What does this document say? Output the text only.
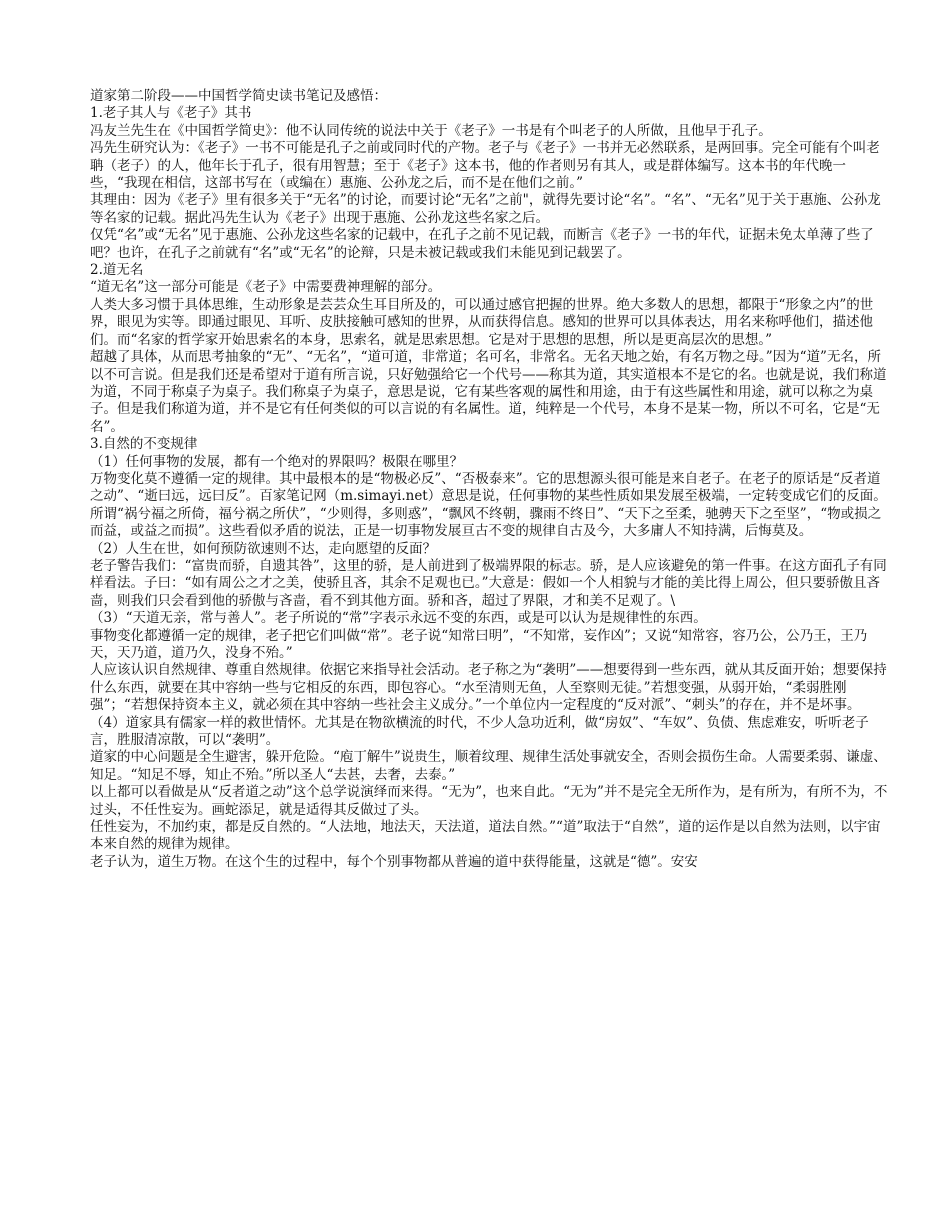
道家第二阶段——中国哲学简史读书笔记及感悟：

1.老子其人与《老子》其书

冯友兰先生在《中国哲学简史》：他不认同传统的说法中关于《老子》一书是有个叫老子的人所做，且他早于孔子。

冯先生研究认为：《老子》一书不可能是孔子之前或同时代的产物。老子与《老子》一书并无必然联系，是两回事。完全可能有个叫老聃（老子）的人，他年长于孔子，很有用智慧；至于《老子》这本书，他的作者则另有其人，或是群体编写。这本书的年代晚一些，“我现在相信，这部书写在（或编在）惠施、公孙龙之后，而不是在他们之前。”

其理由：因为《老子》里有很多关于“无名”的讨论，而要讨论“无名”之前"，就得先要讨论“名”。“名”、“无名”见于关于惠施、公孙龙等名家的记载。据此冯先生认为《老子》出现于惠施、公孙龙这些名家之后。

仅凭“名”或“无名”见于惠施、公孙龙这些名家的记载中，在孔子之前不见记载，而断言《老子》一书的年代，证据未免太单薄了些了吧？也许，在孔子之前就有“名”或“无名”的论辩，只是未被记载或我们未能见到记载罢了。

2.道无名

“道无名”这一部分可能是《老子》中需要费神理解的部分。

人类大多习惯于具体思维，生动形象是芸芸众生耳目所及的，可以通过感官把握的世界。绝大多数人的思想，都限于“形象之内”的世界，眼见为实等。即通过眼见、耳听、皮肤接触可感知的世界，从而获得信息。感知的世界可以具体表达，用名来称呼他们，描述他们。而“名家的哲学家开始思索名的本身，思索名，就是思索思想。它是对于思想的思想，所以是更高层次的思想。”

超越了具体，从而思考抽象的“无”、“无名”，“道可道，非常道；名可名，非常名。无名天地之始，有名万物之母。”因为“道”无名，所以不可言说。但是我们还是希望对于道有所言说，只好勉强给它一个代号——称其为道，其实道根本不是它的名。也就是说，我们称道为道，不同于称桌子为桌子。我们称桌子为桌子，意思是说，它有某些客观的属性和用途，由于有这些属性和用途，就可以称之为桌子。但是我们称道为道，并不是它有任何类似的可以言说的有名属性。道，纯粹是一个代号，本身不是某一物，所以不可名，它是“无名”。

3.自然的不变规律

（1）任何事物的发展，都有一个绝对的界限吗？极限在哪里？

万物变化莫不遵循一定的规律。其中最根本的是“物极必反”、“否极泰来”。它的思想源头很可能是来自老子。在老子的原话是“反者道之动”、“逝曰远，远曰反”。百家笔记网（m.simayi.net）意思是说，任何事物的某些性质如果发展至极端，一定转变成它们的反面。所谓“祸兮福之所倚，福兮祸之所伏”，“少则得，多则惑”，“飘风不终朝，骤雨不终日”、“天下之至柔，驰骋天下之至坚”，“物或损之而益，或益之而损”。这些看似矛盾的说法，正是一切事物发展亘古不变的规律自古及今，大多庸人不知持满，后悔莫及。

（2）人生在世，如何预防欲速则不达，走向愿望的反面？

老子警告我们：“富贵而骄，自遗其咎”，这里的骄，是人前进到了极端界限的标志。骄，是人应该避免的第一件事。在这方面孔子有同样看法。子曰：“如有周公之才之美，使骄且吝，其余不足观也已。”大意是：假如一个人相貌与才能的美比得上周公，但只要骄傲且吝啬，则我们只会看到他的骄傲与吝啬，看不到其他方面。骄和吝，超过了界限，才和美不足观了。\

（3）“天道无亲，常与善人”。老子所说的“常”字表示永远不变的东西，或是可以认为是规律性的东西。

事物变化都遵循一定的规律，老子把它们叫做“常”。老子说“知常曰明”，“不知常，妄作凶”；又说“知常容，容乃公，公乃王，王乃天，天乃道，道乃久，没身不殆。”

人应该认识自然规律、尊重自然规律。依据它来指导社会活动。老子称之为“袭明”——想要得到一些东西，就从其反面开始；想要保持什么东西，就要在其中容纳一些与它相反的东西，即包容心。“水至清则无鱼，人至察则无徒。”若想变强，从弱开始，“柔弱胜刚强”；“若想保持资本主义，就必须在其中容纳一些社会主义成分。”一个单位内一定程度的“反对派”、“刺头”的存在，并不是坏事。

（4）道家具有儒家一样的救世情怀。尤其是在物欲横流的时代，不少人急功近利，做“房奴”、“车奴”、负债、焦虑难安，听听老子言，胜服清凉散，可以“袭明”。

道家的中心问题是全生避害，躲开危险。“庖丁解牛”说贵生，顺着纹理、规律生活处事就安全，否则会损伤生命。人需要柔弱、谦虚、知足。“知足不辱，知止不殆。”所以圣人“去甚，去奢，去泰。”

以上都可以看做是从“反者道之动”这个总学说演绎而来得。“无为”，也来自此。“无为”并不是完全无所作为，是有所为，有所不为，不过头，不任性妄为。画蛇添足，就是适得其反做过了头。

任性妄为，不加约束，都是反自然的。“人法地，地法天，天法道，道法自然。”“道”取法于“自然”，道的运作是以自然为法则，以宇宙本来自然的规律为规律。

老子认为，道生万物。在这个生的过程中，每个个别事物都从普遍的道中获得能量，这就是“德”。安安
